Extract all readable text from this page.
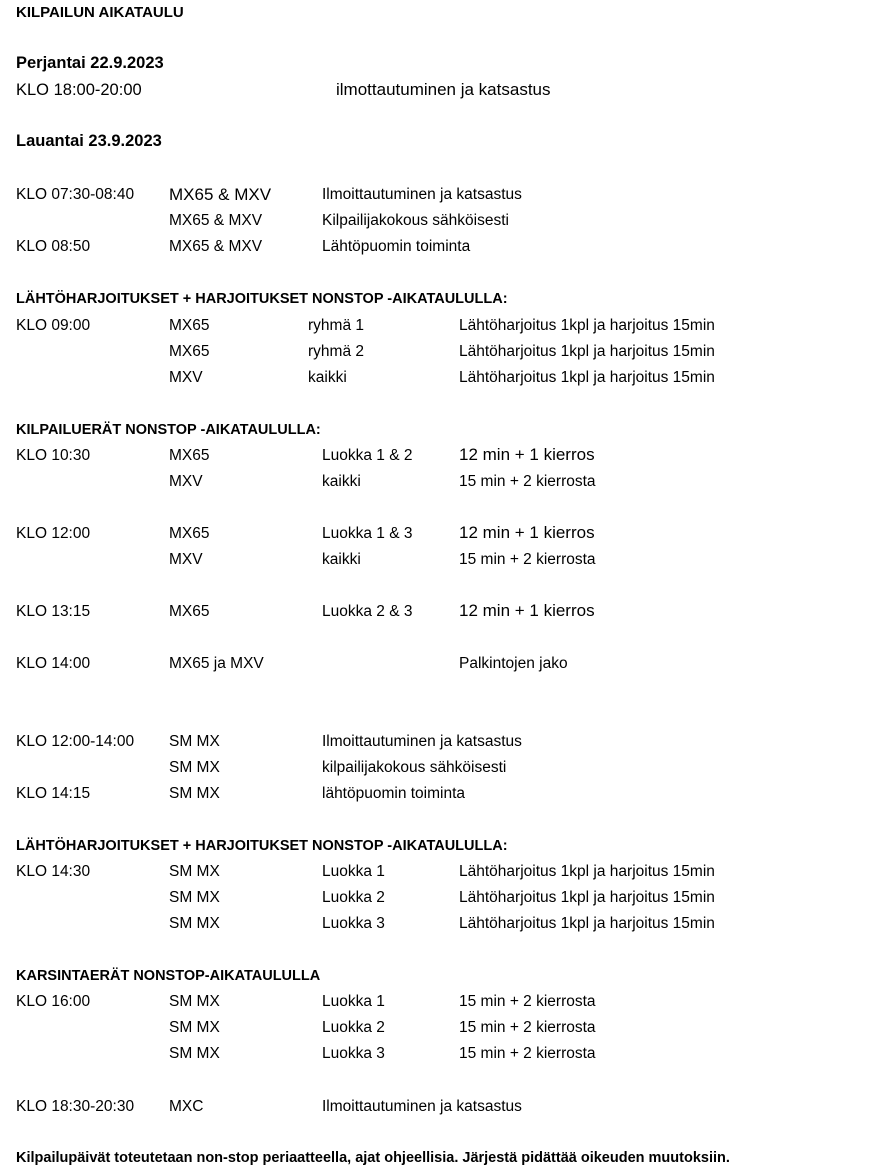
KILPAILUN AIKATAULU
Perjantai 22.9.2023
KLO 18:00-20:00	ilmottautuminen ja katsastus
Lauantai 23.9.2023
KLO 07:30-08:40 MX65 & MXV	Ilmoittautuminen ja katsastus
MX65 & MXV	Kilpailijakokous sähköisesti
KLO 08:50	MX65 & MXV	Lähtöpuomin toiminta
LÄHTÖHARJOITUKSET + HARJOITUKSET NONSTOP -AIKATAULULLA:
KLO 09:00	MX65	ryhmä 1	Lähtöharjoitus 1kpl ja harjoitus 15min
MX65	ryhmä 2	Lähtöharjoitus 1kpl ja harjoitus 15min
MXV	kaikki	Lähtöharjoitus 1kpl ja harjoitus 15min
KILPAILUERÄT NONSTOP -AIKATAULULLA:
KLO 10:30	MX65	Luokka 1 & 2	12 min + 1 kierros
MXV	kaikki	15 min + 2 kierrosta
KLO 12:00	MX65	Luokka 1 & 3	12 min + 1 kierros
MXV	kaikki	15 min + 2 kierrosta
KLO 13:15	MX65	Luokka 2 & 3	12 min + 1 kierros
KLO 14:00	MX65 ja MXV	Palkintojen jako
KLO 12:00-14:00 SM MX	Ilmoittautuminen ja katsastus
SM MX	kilpailijakokous sähköisesti
KLO 14:15	SM MX	lähtöpuomin toiminta
LÄHTÖHARJOITUKSET + HARJOITUKSET NONSTOP -AIKATAULULLA:
KLO 14:30	SM MX	Luokka 1	Lähtöharjoitus 1kpl ja harjoitus 15min
SM MX	Luokka 2	Lähtöharjoitus 1kpl ja harjoitus 15min
SM MX	Luokka 3	Lähtöharjoitus 1kpl ja harjoitus 15min
KARSINTAERÄT NONSTOP-AIKATAULULLA
KLO 16:00	SM MX	Luokka 1	15 min + 2 kierrosta
SM MX	Luokka 2	15 min + 2 kierrosta
SM MX	Luokka 3	15 min + 2 kierrosta
KLO 18:30-20:30 MXC	Ilmoittautuminen ja katsastus
Kilpailupäivät toteutetaan non-stop periaatteella, ajat ohjeellisia. Järjestä pidättää oikeuden muutoksiin.
